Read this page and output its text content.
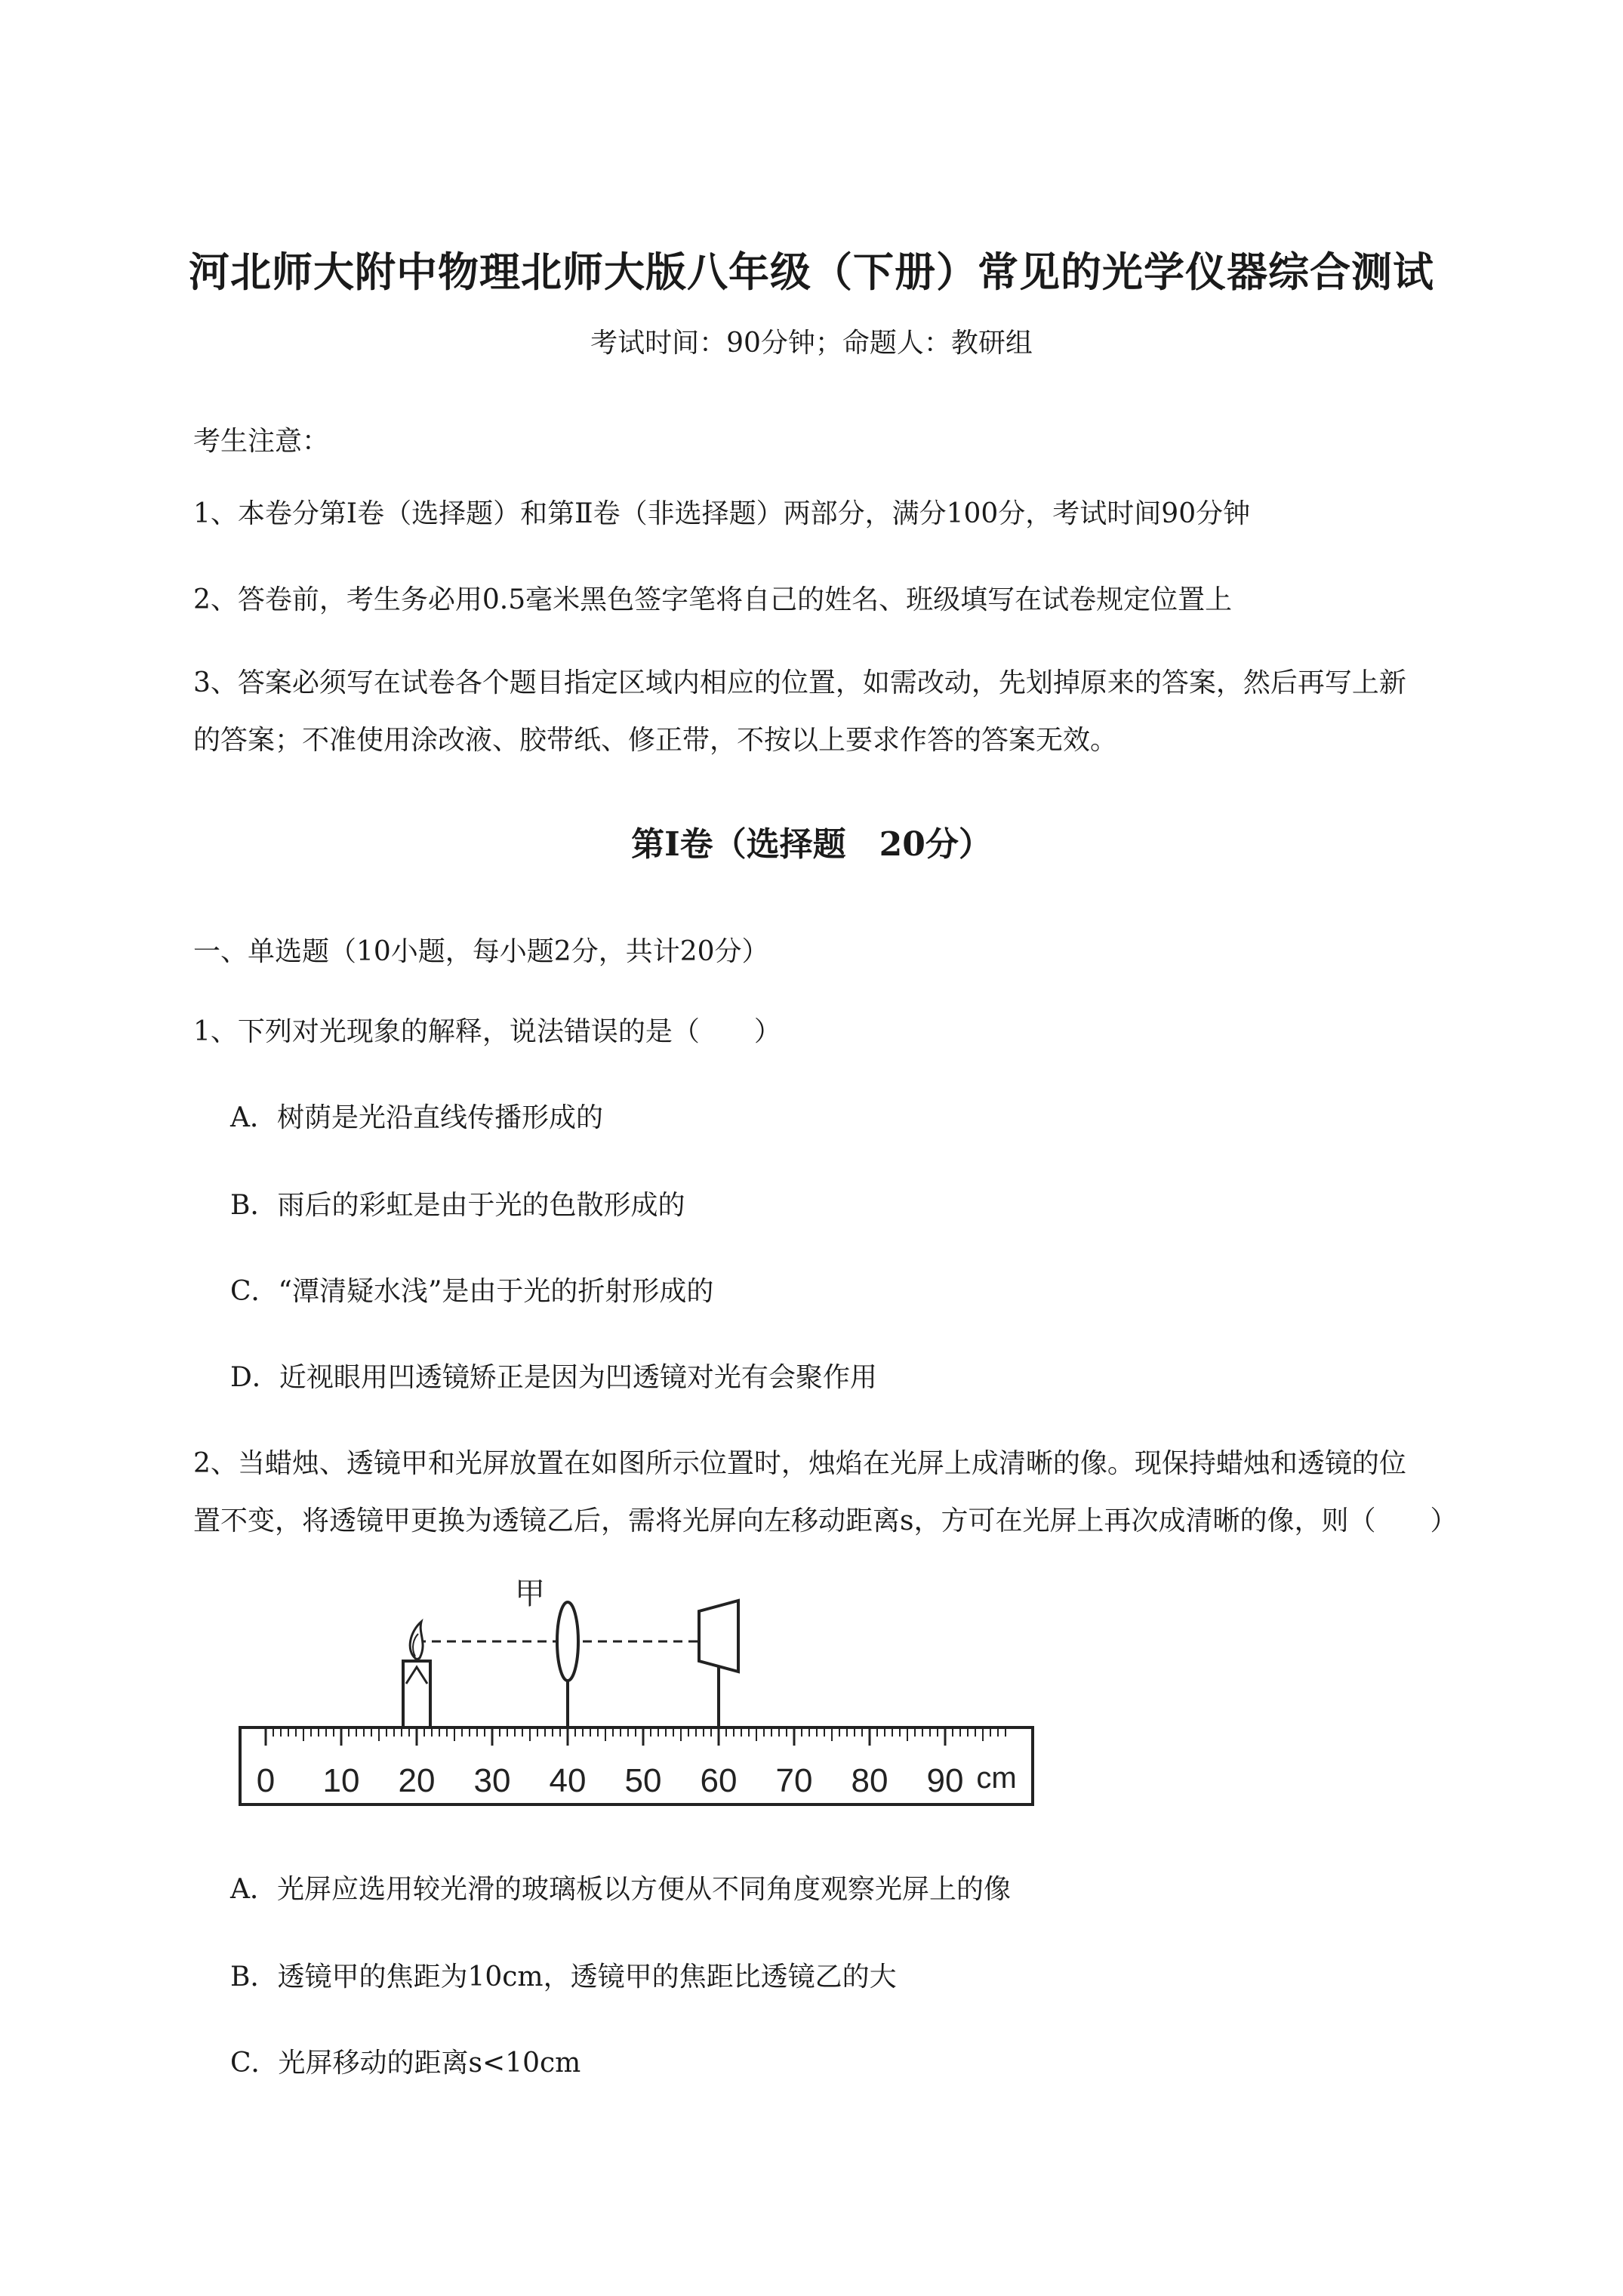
河北师大附中物理北师大版八年级（下册）常见的光学仪器综合测试
考试时间：90分钟；命题人：教研组
考生注意：
1、本卷分第I卷（选择题）和第Ⅱ卷（非选择题）两部分，满分100分，考试时间90分钟
2、答卷前，考生务必用0.5毫米黑色签字笔将自己的姓名、班级填写在试卷规定位置上
3、答案必须写在试卷各个题目指定区域内相应的位置，如需改动，先划掉原来的答案，然后再写上新
的答案；不准使用涂改液、胶带纸、修正带，不按以上要求作答的答案无效。
第I卷（选择题 20分）
一、单选题（10小题，每小题2分，共计20分）
1、下列对光现象的解释，说法错误的是（　　）
A．树荫是光沿直线传播形成的
B．雨后的彩虹是由于光的色散形成的
C．“潭清疑水浅”是由于光的折射形成的
D．近视眼用凹透镜矫正是因为凹透镜对光有会聚作用
2、当蜡烛、透镜甲和光屏放置在如图所示位置时，烛焰在光屏上成清晰的像。现保持蜡烛和透镜的位
置不变，将透镜甲更换为透镜乙后，需将光屏向左移动距离s，方可在光屏上再次成清晰的像，则（　　）
0 10 20 30 40 50 60 70 80 90 cm
甲
A．光屏应选用较光滑的玻璃板以方便从不同角度观察光屏上的像
B．透镜甲的焦距为10cm，透镜甲的焦距比透镜乙的大
C．光屏移动的距离s<10cm
